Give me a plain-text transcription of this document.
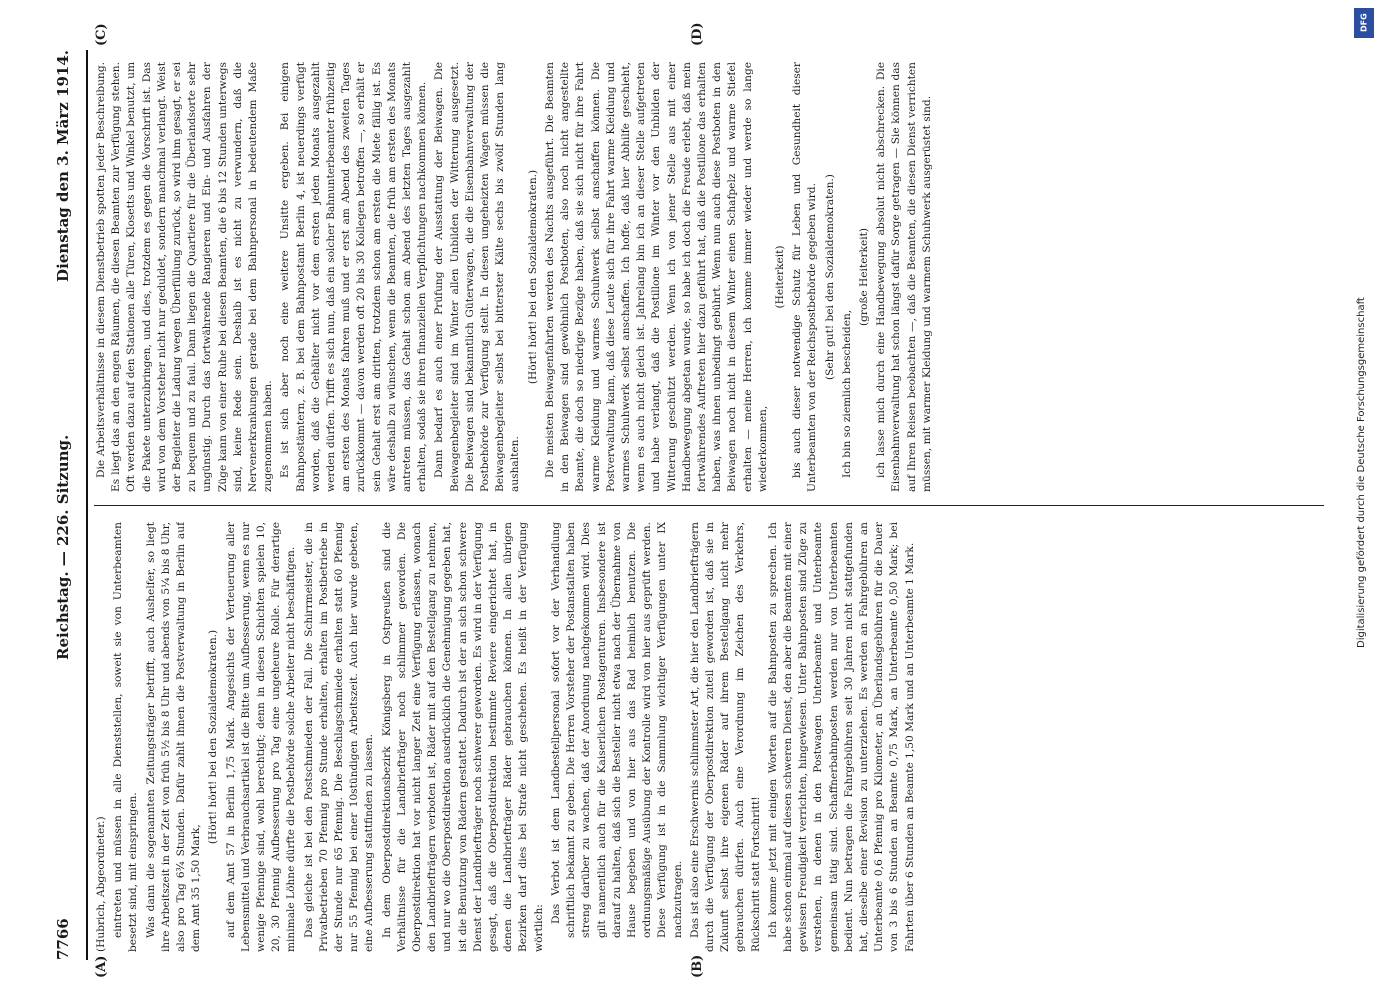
7766
Reichstag. — 226. Sitzung.
Dienstag den 3. März 1914.
(A)	(B)
(C)	(D)

(Hubrich, Abgeordneter.) eintreten und müssen in alle Dienststellen, soweit sie von Unterbeamten besetzt sind, mit einspringen. Was dann die sogenannten Zeitungsträger betrifft, auch Aushelfer, so liegt ihre Arbeitszeit in der Zeit von früh 5½ bis 8 Uhr und abends von 5¼ bis 8 Uhr, also pro Tag 6¾ Stunden. Dafür zahlt ihnen die Postverwaltung in Berlin auf dem Amt 35 1,50 Mark,

(Hört! hört! bei den Sozialdemokraten.) auf dem Amt 57 in Berlin 1,75 Mark. Angesichts der Verteuerung aller Lebensmittel und Verbrauchsartikel ist die Bitte um Aufbesserung, wenn es nur wenige Pfennige sind, wohl berechtigt; denn in diesen Schichten spielen 10, 20, 30 Pfennig Aufbesserung pro Tag eine ungeheure Rolle. Für derartige minimale Löhne dürfte die Postbehörde solche Arbeiter nicht beschäftigen. Das gleiche ist bei den Postschmieden der Fall. Die Schirrmeister, die in Privatbetrieben 70 Pfennig pro Stunde erhalten, erhalten im Postbetriebe in der Stunde nur 65 Pfennig. Die Beschlagschmiede erhalten statt 60 Pfennig nur 55 Pfennig bei einer 10stündigen Arbeitszeit. Auch hier wurde gebeten, eine Aufbesserung stattfinden zu lassen. In dem Oberpostdirektionsbezirk Königsberg in Ostpreußen sind die Verhältnisse für die Landbriefträger noch schlimmer geworden. Die Oberpostdirektion hat vor nicht langer Zeit eine Verfügung erlassen, wonach den Landbriefträgern verboten ist, Räder mit auf den Bestellgang zu nehmen, und nur wo die Oberpostdirektion ausdrücklich die Genehmigung gegeben hat, ist die Benutzung von Rädern gestattet. Dadurch ist der an sich schon schwere Dienst der Landbriefträger noch schwerer geworden. Es wird in der Verfügung gesagt, daß die Oberpostdirektion bestimmte Reviere eingerichtet hat, in denen die Landbriefträger Räder gebrauchen können. In allen übrigen Bezirken darf dies bei Strafe nicht geschehen. Es heißt in der Verfügung wörtlich:

Das Verbot ist dem Landbestellpersonal sofort vor der Verhandlung schriftlich bekannt zu geben. Die Herren Vorsteher der Postanstalten haben streng darüber zu wachen, daß der Anordnung nachgekommen wird. Dies gilt namentlich auch für die Kaiserlichen Postagenturen. Insbesondere ist darauf zu halten, daß sich die Besteller nicht etwa nach der Übernahme von Hause begeben und von hier aus das Rad heimlich benutzen. Die ordnungsmäßige Ausübung der Kontrolle wird von hier aus geprüft werden. Diese Verfügung ist in die Sammlung wichtiger Verfügungen unter IX nachzutragen. Das ist also eine Erschwernis schlimmster Art, die hier den Landbriefträgern durch die Verfügung der Oberpostdirektion zuteil geworden ist, daß sie in Zukunft selbst ihre eigenen Räder auf ihrem Bestellgang nicht mehr gebrauchen dürfen. Auch eine Verordnung im Zeichen des Verkehrs, Rückschritt statt Fortschritt! Ich komme jetzt mit einigen Worten auf die Bahnposten zu sprechen. Ich habe schon einmal auf diesen schweren Dienst, den aber die Beamten mit einer gewissen Freudigkeit verrichten, hingewiesen. Unter Bahnposten sind Züge zu verstehen, in denen in den Postwagen Unterbeamte und Unterbeamte gemeinsam tätig sind. Schaffnerbahnposten werden nur von Unterbeamten bedient. Nun betragen die Fahrgebühren seit 30 Jahren nicht stattgefunden hat, dieselbe einer Revision zu unterziehen. Es werden an Fahrgebühren an Unterbeamte 0,6 Pfennig pro Kilometer, an Überlandsgebühren für die Dauer von 3 bis 6 Stunden an Beamte 0,75 Mark, an Unterbeamte 0,50 Mark; bei Fahrten über 6 Stunden an Beamte 1,50 Mark und an Unterbeamte 1 Mark.

Die Arbeitsverhältnisse in diesem Dienstbetrieb spotten jeder Beschreibung. Es liegt das an den engen Räumen, die diesen Beamten zur Verfügung stehen. Oft werden dazu auf den Stationen alle Türen, Klosetts und Winkel benutzt, um die Pakete unterzubringen, und dies, trotzdem es gegen die Vorschrift ist. Das wird von dem Vorsteher nicht nur geduldet, sondern manchmal verlangt. Weist der Begleiter die Ladung wegen Überfüllung zurück, so wird ihm gesagt, er sei zu bequem und zu faul. Dann liegen die Quartiere für die Überlandsorte sehr ungünstig. Durch das fortwährende Rangieren und Ein- und Ausfahren der Züge kann von einer Ruhe bei diesen Beamten, die 6 bis 12 Stunden unterwegs sind, keine Rede sein. Deshalb ist es nicht zu verwundern, daß die Nervenerkrankungen gerade bei dem Bahnpersonal in bedeutendem Maße zugenommen haben. Es ist sich aber noch eine weitere Unsitte ergeben. Bei einigen Bahnpostämtern, z. B. bei dem Bahnpostamt Berlin 4, ist neuerdings verfügt worden, daß die Gehälter nicht vor dem ersten jeden Monats ausgezahlt werden dürfen. Trifft es sich nun, daß ein solcher Bahnunterbeamter frühzeitig am ersten des Monats fahren muß und er erst am Abend des zweiten Tages zurückkommt — davon werden oft 20 bis 30 Kollegen betroffen —, so erhält er sein Gehalt erst am dritten, trotzdem schon am ersten die Miete fällig ist. Es wäre deshalb zu wünschen, wenn die Beamten, die früh am ersten des Monats antreten müssen, das Gehalt schon am Abend des letzten Tages ausgezahlt erhalten, sodaß sie ihren finanziellen Verpflichtungen nachkommen können. Dann bedarf es auch einer Prüfung der Ausstattung der Beiwagen. Die Beiwagenbegleiter sind im Winter allen Unbilden der Witterung ausgesetzt. Die Beiwagen sind bekanntlich Güterwagen, die die Eisenbahnverwaltung der Postbehörde zur Verfügung stellt. In diesen ungeheizten Wagen müssen die Beiwagenbegleiter selbst bei bitterster Kälte sechs bis zwölf Stunden lang aushalten.

(Hört! hört! bei den Sozialdemokraten.) Die meisten Beiwagenfahrten werden des Nachts ausgeführt. Die Beamten in den Beiwagen sind gewöhnlich Postboten, also noch nicht angestellte Beamte, die doch so niedrige Bezüge haben, daß sie sich nicht für ihre Fahrt warme Kleidung und warmes Schuhwerk selbst anschaffen können. Die Postverwaltung kann, daß diese Leute sich für ihre Fahrt warme Kleidung und warmes Schuhwerk selbst anschaffen. Ich hoffe, daß hier Abhilfe geschieht, wenn es auch nicht gleich ist. Jahrelang bin ich an dieser Stelle aufgetreten und habe verlangt, daß die Postillone im Winter vor den Unbilden der Witterung geschützt werden. Wenn ich von jener Stelle aus mit einer Handbewegung abgetan wurde, so habe ich doch die Freude erlebt, daß mein fortwährendes Auftreten hier dazu geführt hat, daß die Postillone das erhalten haben, was ihnen unbedingt gebührt. Wenn nun auch diese Postboten in den Beiwagen noch nicht in diesem Winter einen Schafpelz und warme Stiefel erhalten — meine Herren, ich komme immer wieder und werde so lange wiederkommen,

(Heiterkeit) bis auch dieser notwendige Schutz für Leben und Gesundheit dieser Unterbeamten von der Reichspostbehörde gegeben wird. (Sehr gut! bei den Sozialdemokraten.)

Ich bin so ziemlich bescheiden,

(große Heiterkeit) ich lasse mich durch eine Handbewegung absolut nicht abschrecken. Die Eisenbahnverwaltung hat schon längst dafür Sorge getragen — Sie können das auf Ihren Reisen beobachten —, daß die Beamten, die diesen Dienst verrichten müssen, mit warmer Kleidung und warmem Schuhwerk ausgerüstet sind.

DFG
Digitalisierung gefördert durch die Deutsche Forschungsgemeinschaft
